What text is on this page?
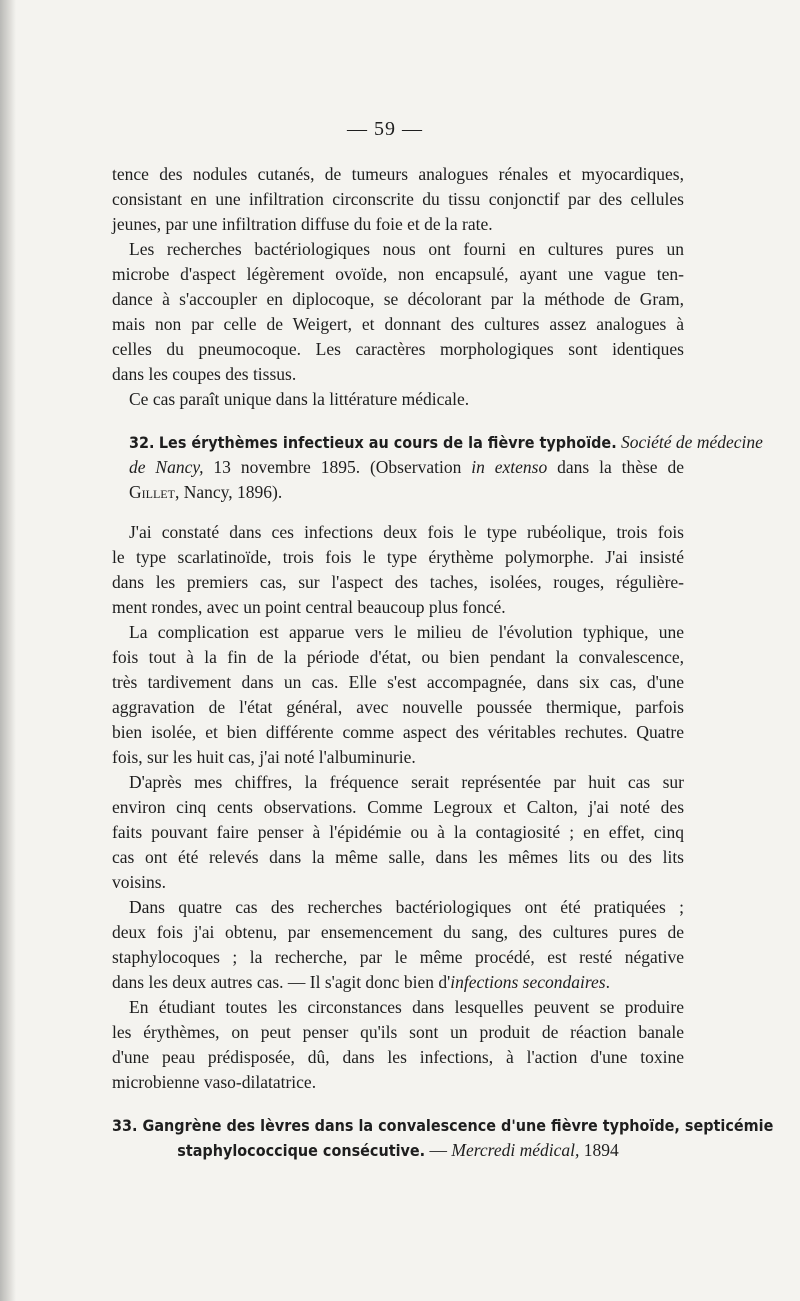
— 59 —
tence des nodules cutanés, de tumeurs analogues rénales et myocardiques,
consistant en une infiltration circonscrite du tissu conjonctif par des cellules
jeunes, par une infiltration diffuse du foie et de la rate.
Les recherches bactériologiques nous ont fourni en cultures pures un
microbe d'aspect légèrement ovoïde, non encapsulé, ayant une vague ten-
dance à s'accoupler en diplocoque, se décolorant par la méthode de Gram,
mais non par celle de Weigert, et donnant des cultures assez analogues à
celles du pneumocoque. Les caractères morphologiques sont identiques
dans les coupes des tissus.
Ce cas paraît unique dans la littérature médicale.
32. Les érythèmes infectieux au cours de la fièvre typhoïde. Société de médecine
de Nancy, 13 novembre 1895. (Observation in extenso dans la thèse de
Gillet, Nancy, 1896).
J'ai constaté dans ces infections deux fois le type rubéolique, trois fois
le type scarlatinoïde, trois fois le type érythème polymorphe. J'ai insisté
dans les premiers cas, sur l'aspect des taches, isolées, rouges, régulière-
ment rondes, avec un point central beaucoup plus foncé.
La complication est apparue vers le milieu de l'évolution typhique, une
fois tout à la fin de la période d'état, ou bien pendant la convalescence,
très tardivement dans un cas. Elle s'est accompagnée, dans six cas, d'une
aggravation de l'état général, avec nouvelle poussée thermique, parfois
bien isolée, et bien différente comme aspect des véritables rechutes. Quatre
fois, sur les huit cas, j'ai noté l'albuminurie.
D'après mes chiffres, la fréquence serait représentée par huit cas sur
environ cinq cents observations. Comme Legroux et Calton, j'ai noté des
faits pouvant faire penser à l'épidémie ou à la contagiosité ; en effet, cinq
cas ont été relevés dans la même salle, dans les mêmes lits ou des lits
voisins.
Dans quatre cas des recherches bactériologiques ont été pratiquées ;
deux fois j'ai obtenu, par ensemencement du sang, des cultures pures de
staphylocoques ; la recherche, par le même procédé, est resté négative
dans les deux autres cas. — Il s'agit donc bien d'infections secondaires.
En étudiant toutes les circonstances dans lesquelles peuvent se produire
les érythèmes, on peut penser qu'ils sont un produit de réaction banale
d'une peau prédisposée, dû, dans les infections, à l'action d'une toxine
microbienne vaso-dilatatrice.
33. Gangrène des lèvres dans la convalescence d'une fièvre typhoïde, septicémie
staphylococcique consécutive. — Mercredi médical, 1894
